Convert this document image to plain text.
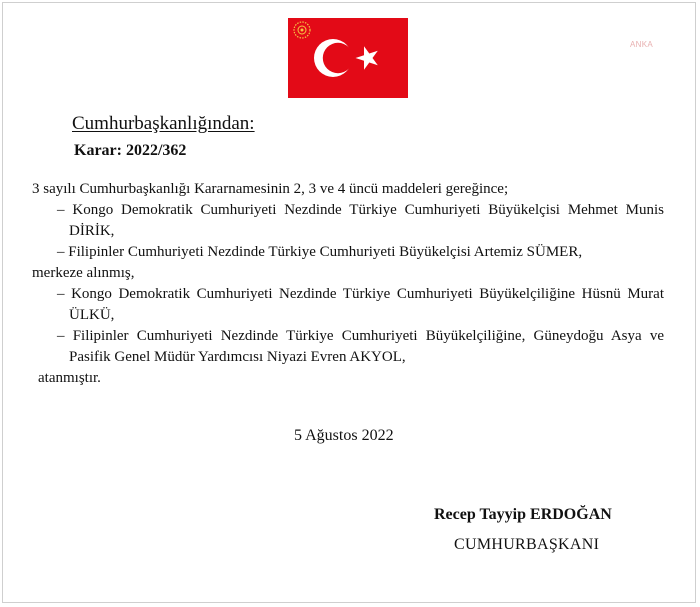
ANKA
Cumhurbaşkanlığından:
Karar: 2022/362

3 sayılı Cumhurbaşkanlığı Kararnamesinin 2, 3 ve 4 üncü maddeleri gereğince;

– Kongo Demokratik Cumhuriyeti Nezdinde Türkiye Cumhuriyeti Büyükelçisi Mehmet Munis DİRİK,

– Filipinler Cumhuriyeti Nezdinde Türkiye Cumhuriyeti Büyükelçisi Artemiz SÜMER,

merkeze alınmış,

– Kongo Demokratik Cumhuriyeti Nezdinde Türkiye Cumhuriyeti Büyükelçiliğine Hüsnü Murat ÜLKÜ,

– Filipinler Cumhuriyeti Nezdinde Türkiye Cumhuriyeti Büyükelçiliğine, Güneydoğu Asya ve Pasifik Genel Müdür Yardımcısı Niyazi Evren AKYOL,

atanmıştır.

5 Ağustos 2022
Recep Tayyip ERDOĞAN
CUMHURBAŞKANI
